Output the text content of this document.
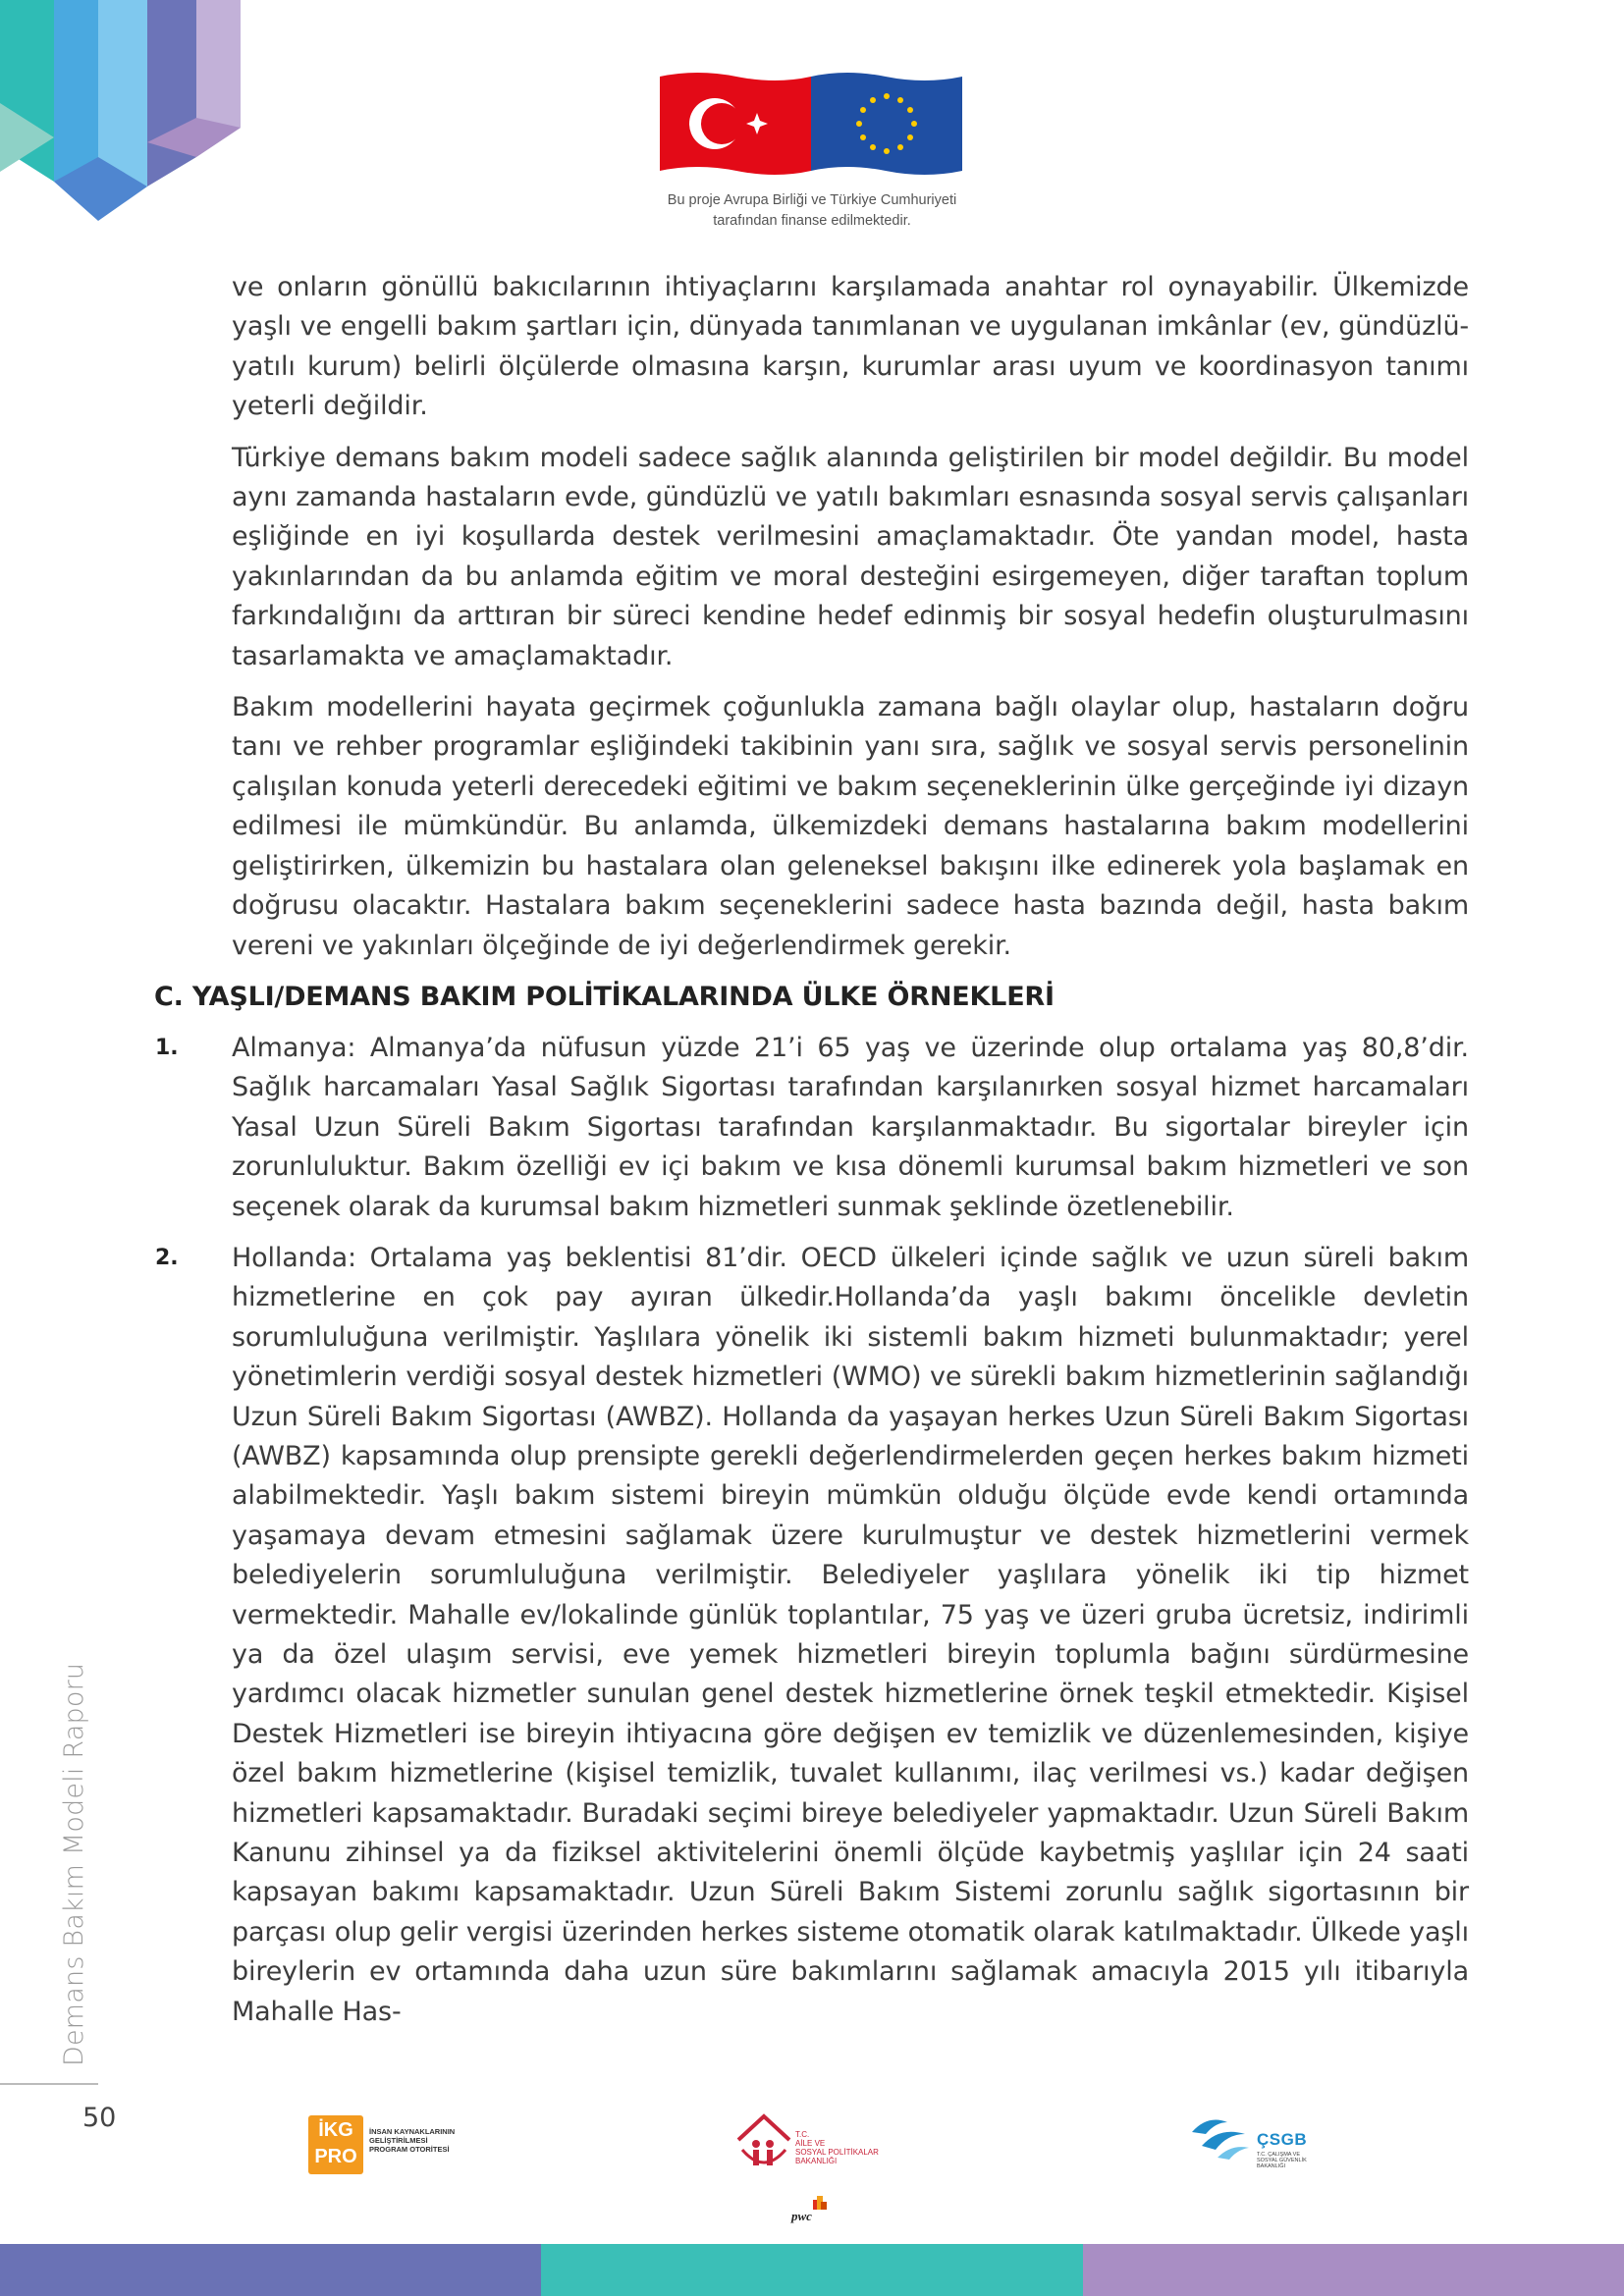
Bu proje Avrupa Birliği ve Türkiye Cumhuriyeti
tarafından finanse edilmektedir.

ve onların gönüllü bakıcılarının ihtiyaçlarını karşılamada anahtar rol oynayabilir. Ülkemizde yaşlı ve engelli bakım şartları için, dünyada tanımlanan ve uygulanan imkânlar (ev, gündüzlü-yatılı kurum) belirli ölçülerde olmasına karşın, kurumlar arası uyum ve koordinasyon tanımı yeterli değildir.

Türkiye demans bakım modeli sadece sağlık alanında geliştirilen bir model değildir. Bu model aynı zamanda hastaların evde, gündüzlü ve yatılı bakımları esnasında sosyal servis çalışanları eşliğinde en iyi koşullarda destek verilmesini amaçlamaktadır. Öte yandan model, hasta yakınlarından da bu anlamda eğitim ve moral desteğini esirgemeyen, diğer taraftan toplum farkındalığını da arttıran bir süreci kendine hedef edinmiş bir sosyal hedefin oluşturulmasını tasarlamakta ve amaçlamaktadır.

Bakım modellerini hayata geçirmek çoğunlukla zamana bağlı olaylar olup, hastaların doğru tanı ve rehber programlar eşliğindeki takibinin yanı sıra, sağlık ve sosyal servis personelinin çalışılan konuda yeterli derecedeki eğitimi ve bakım seçeneklerinin ülke gerçeğinde iyi dizayn edilmesi ile mümkündür. Bu anlamda, ülkemizdeki demans hastalarına bakım modellerini geliştirirken, ülkemizin bu hastalara olan geleneksel bakışını ilke edinerek yola başlamak en doğrusu olacaktır. Hastalara bakım seçeneklerini sadece hasta bazında değil, hasta bakım vereni ve yakınları ölçeğinde de iyi değerlendirmek gerekir.

C. YAŞLI/DEMANS BAKIM POLİTİKALARINDA ÜLKE ÖRNEKLERİ
1. Almanya: Almanya’da nüfusun yüzde 21’i 65 yaş ve üzerinde olup ortalama yaş 80,8’dir. Sağlık harcamaları Yasal Sağlık Sigortası tarafından karşılanırken sosyal hizmet harcamaları Yasal Uzun Süreli Bakım Sigortası tarafından karşılanmaktadır. Bu sigortalar bireyler için zorunluluktur. Bakım özelliği ev içi bakım ve kısa dönemli kurumsal bakım hizmetleri ve son seçenek olarak da kurumsal bakım hizmetleri sunmak şeklinde özetlenebilir.

2. Hollanda: Ortalama yaş beklentisi 81’dir. OECD ülkeleri içinde sağlık ve uzun süreli bakım hizmetlerine en çok pay ayıran ülkedir.Hollanda’da yaşlı bakımı öncelikle devletin sorumluluğuna verilmiştir. Yaşlılara yönelik iki sistemli bakım hizmeti bulunmaktadır; yerel yönetimlerin verdiği sosyal destek hizmetleri (WMO) ve sürekli bakım hizmetlerinin sağlandığı Uzun Süreli Bakım Sigortası (AWBZ). Hollanda da yaşayan herkes Uzun Süreli Bakım Sigortası (AWBZ) kapsamında olup prensipte gerekli değerlendirmelerden geçen herkes bakım hizmeti alabilmektedir. Yaşlı bakım sistemi bireyin mümkün olduğu ölçüde evde kendi ortamında yaşamaya devam etmesini sağlamak üzere kurulmuştur ve destek hizmetlerini vermek belediyelerin sorumluluğuna verilmiştir. Belediyeler yaşlılara yönelik iki tip hizmet vermektedir. Mahalle ev/lokalinde günlük toplantılar, 75 yaş ve üzeri gruba ücretsiz, indirimli ya da özel ulaşım servisi, eve yemek hizmetleri bireyin toplumla bağını sürdürmesine yardımcı olacak hizmetler sunulan genel destek hizmetlerine örnek teşkil etmektedir. Kişisel Destek Hizmetleri ise bireyin ihtiyacına göre değişen ev temizlik ve düzenlemesinden, kişiye özel bakım hizmetlerine (kişisel temizlik, tuvalet kullanımı, ilaç verilmesi vs.) kadar değişen hizmetleri kapsamaktadır. Buradaki seçimi bireye belediyeler yapmaktadır. Uzun Süreli Bakım Kanunu zihinsel ya da fiziksel aktivitelerini önemli ölçüde kaybetmiş yaşlılar için 24 saati kapsayan bakımı kapsamaktadır. Uzun Süreli Bakım Sistemi zorunlu sağlık sigortasının bir parçası olup gelir vergisi üzerinden herkes sisteme otomatik olarak katılmaktadır. Ülkede yaşlı bireylerin ev ortamında daha uzun süre bakımlarını sağlamak amacıyla 2015 yılı itibarıyla Mahalle Has-

Demans Bakım Modeli Raporu
50	İKG
PRO
İNSAN KAYNAKLARININ
GELİŞTİRİLMESİ
PROGRAM OTORİTESİ
T.C.
AİLE VE
SOSYAL POLİTİKALAR
BAKANLIĞI
pwc
ÇSGB
T.C. ÇALIŞMA VE
SOSYAL GÜVENLİK
BAKANLIĞI
